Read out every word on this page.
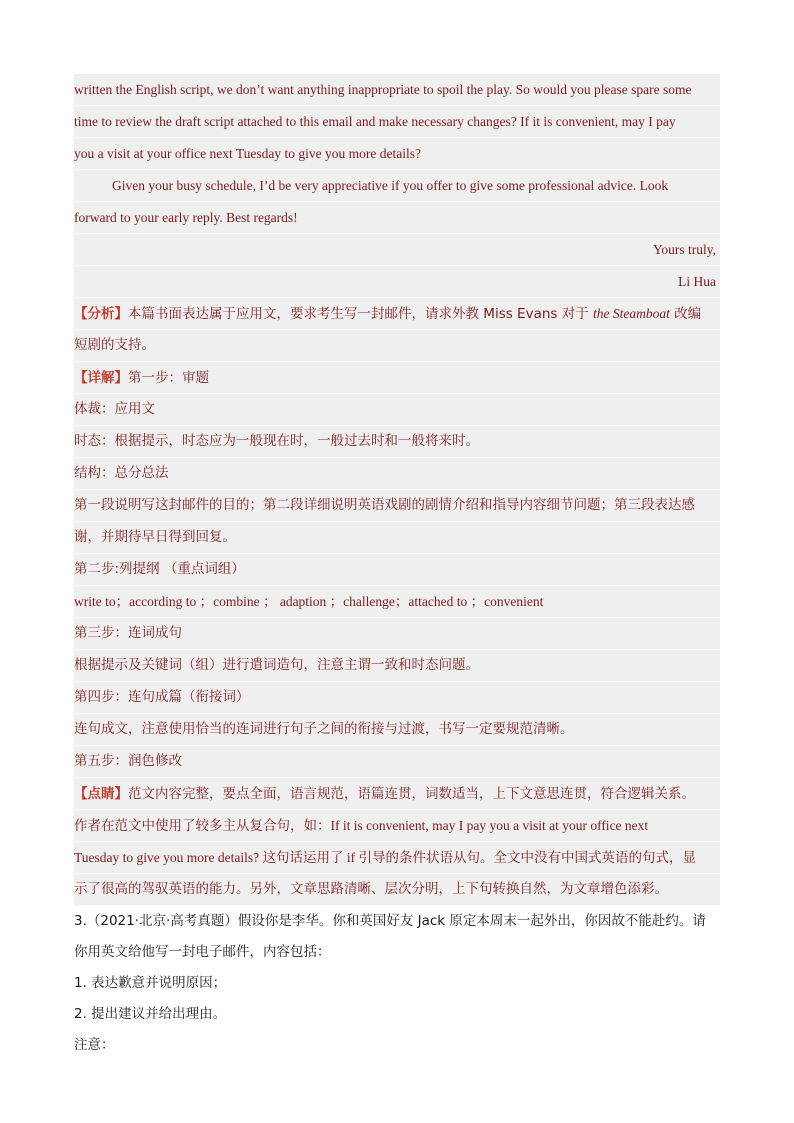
written the English script, we don’t want anything inappropriate to spoil the play. So would you please spare some
time to review the draft script attached to this email and make necessary changes? If it is convenient, may I pay
you a visit at your office next Tuesday to give you more details?
Given your busy schedule, I’d be very appreciative if you offer to give some professional advice. Look
forward to your early reply. Best regards!
Yours truly,
Li Hua
【分析】本篇书面表达属于应用文，要求考生写一封邮件，请求外教 Miss Evans 对于 the Steamboat 改编
短剧的支持。
【详解】第一步：审题
体裁：应用文
时态：根据提示，时态应为一般现在时，一般过去时和一般将来时。
结构：总分总法
第一段说明写这封邮件的目的；第二段详细说明英语戏剧的剧情介绍和指导内容细节问题；第三段表达感
谢，并期待早日得到回复。
第二步:列提纲 （重点词组）
write to；according to ；combine ； adaption ；challenge；attached to ；convenient
第三步：连词成句
根据提示及关键词（组）进行遣词造句，注意主谓一致和时态问题。
第四步：连句成篇（衔接词）
连句成文，注意使用恰当的连词进行句子之间的衔接与过渡，书写一定要规范清晰。
第五步：润色修改
【点睛】范文内容完整，要点全面，语言规范，语篇连贯，词数适当，上下文意思连贯，符合逻辑关系。
作者在范文中使用了较多主从复合句，如：If it is convenient, may I pay you a visit at your office next
Tuesday to give you more details? 这句话运用了 if 引导的条件状语从句。全文中没有中国式英语的句式，显
示了很高的驾驭英语的能力。另外，文章思路清晰、层次分明，上下句转换自然，为文章增色添彩。
3.（2021·北京·高考真题）假设你是李华。你和英国好友 Jack 原定本周末一起外出，你因故不能赴约。请
你用英文给他写一封电子邮件，内容包括：
1. 表达歉意并说明原因；
2. 提出建议并给出理由。
注意：
